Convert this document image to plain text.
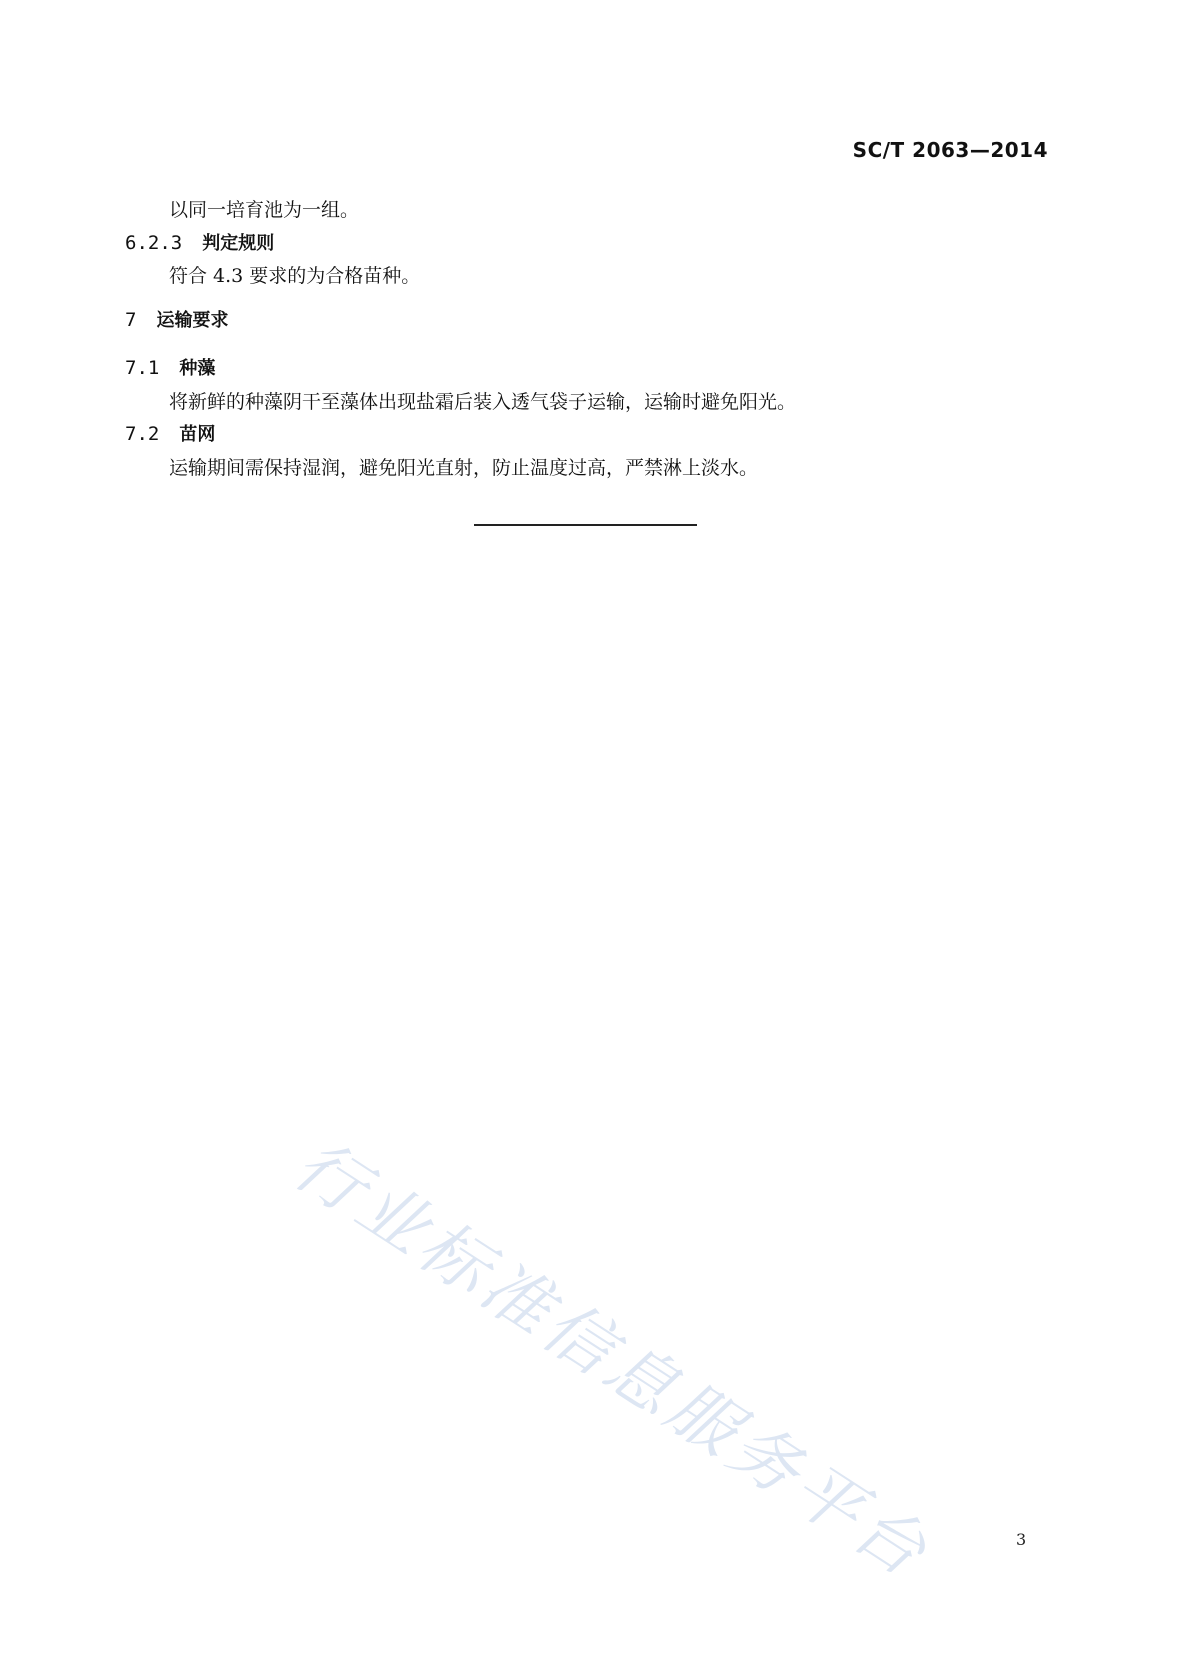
SC/T 2063—2014
以同一培育池为一组。
6.2.3 判定规则
符合 4.3 要求的为合格苗种。
7 运输要求
7.1 种藻
将新鲜的种藻阴干至藻体出现盐霜后装入透气袋子运输，运输时避免阳光。
7.2 苗网
运输期间需保持湿润，避免阳光直射，防止温度过高，严禁淋上淡水。
行业标准信息服务平台	3
